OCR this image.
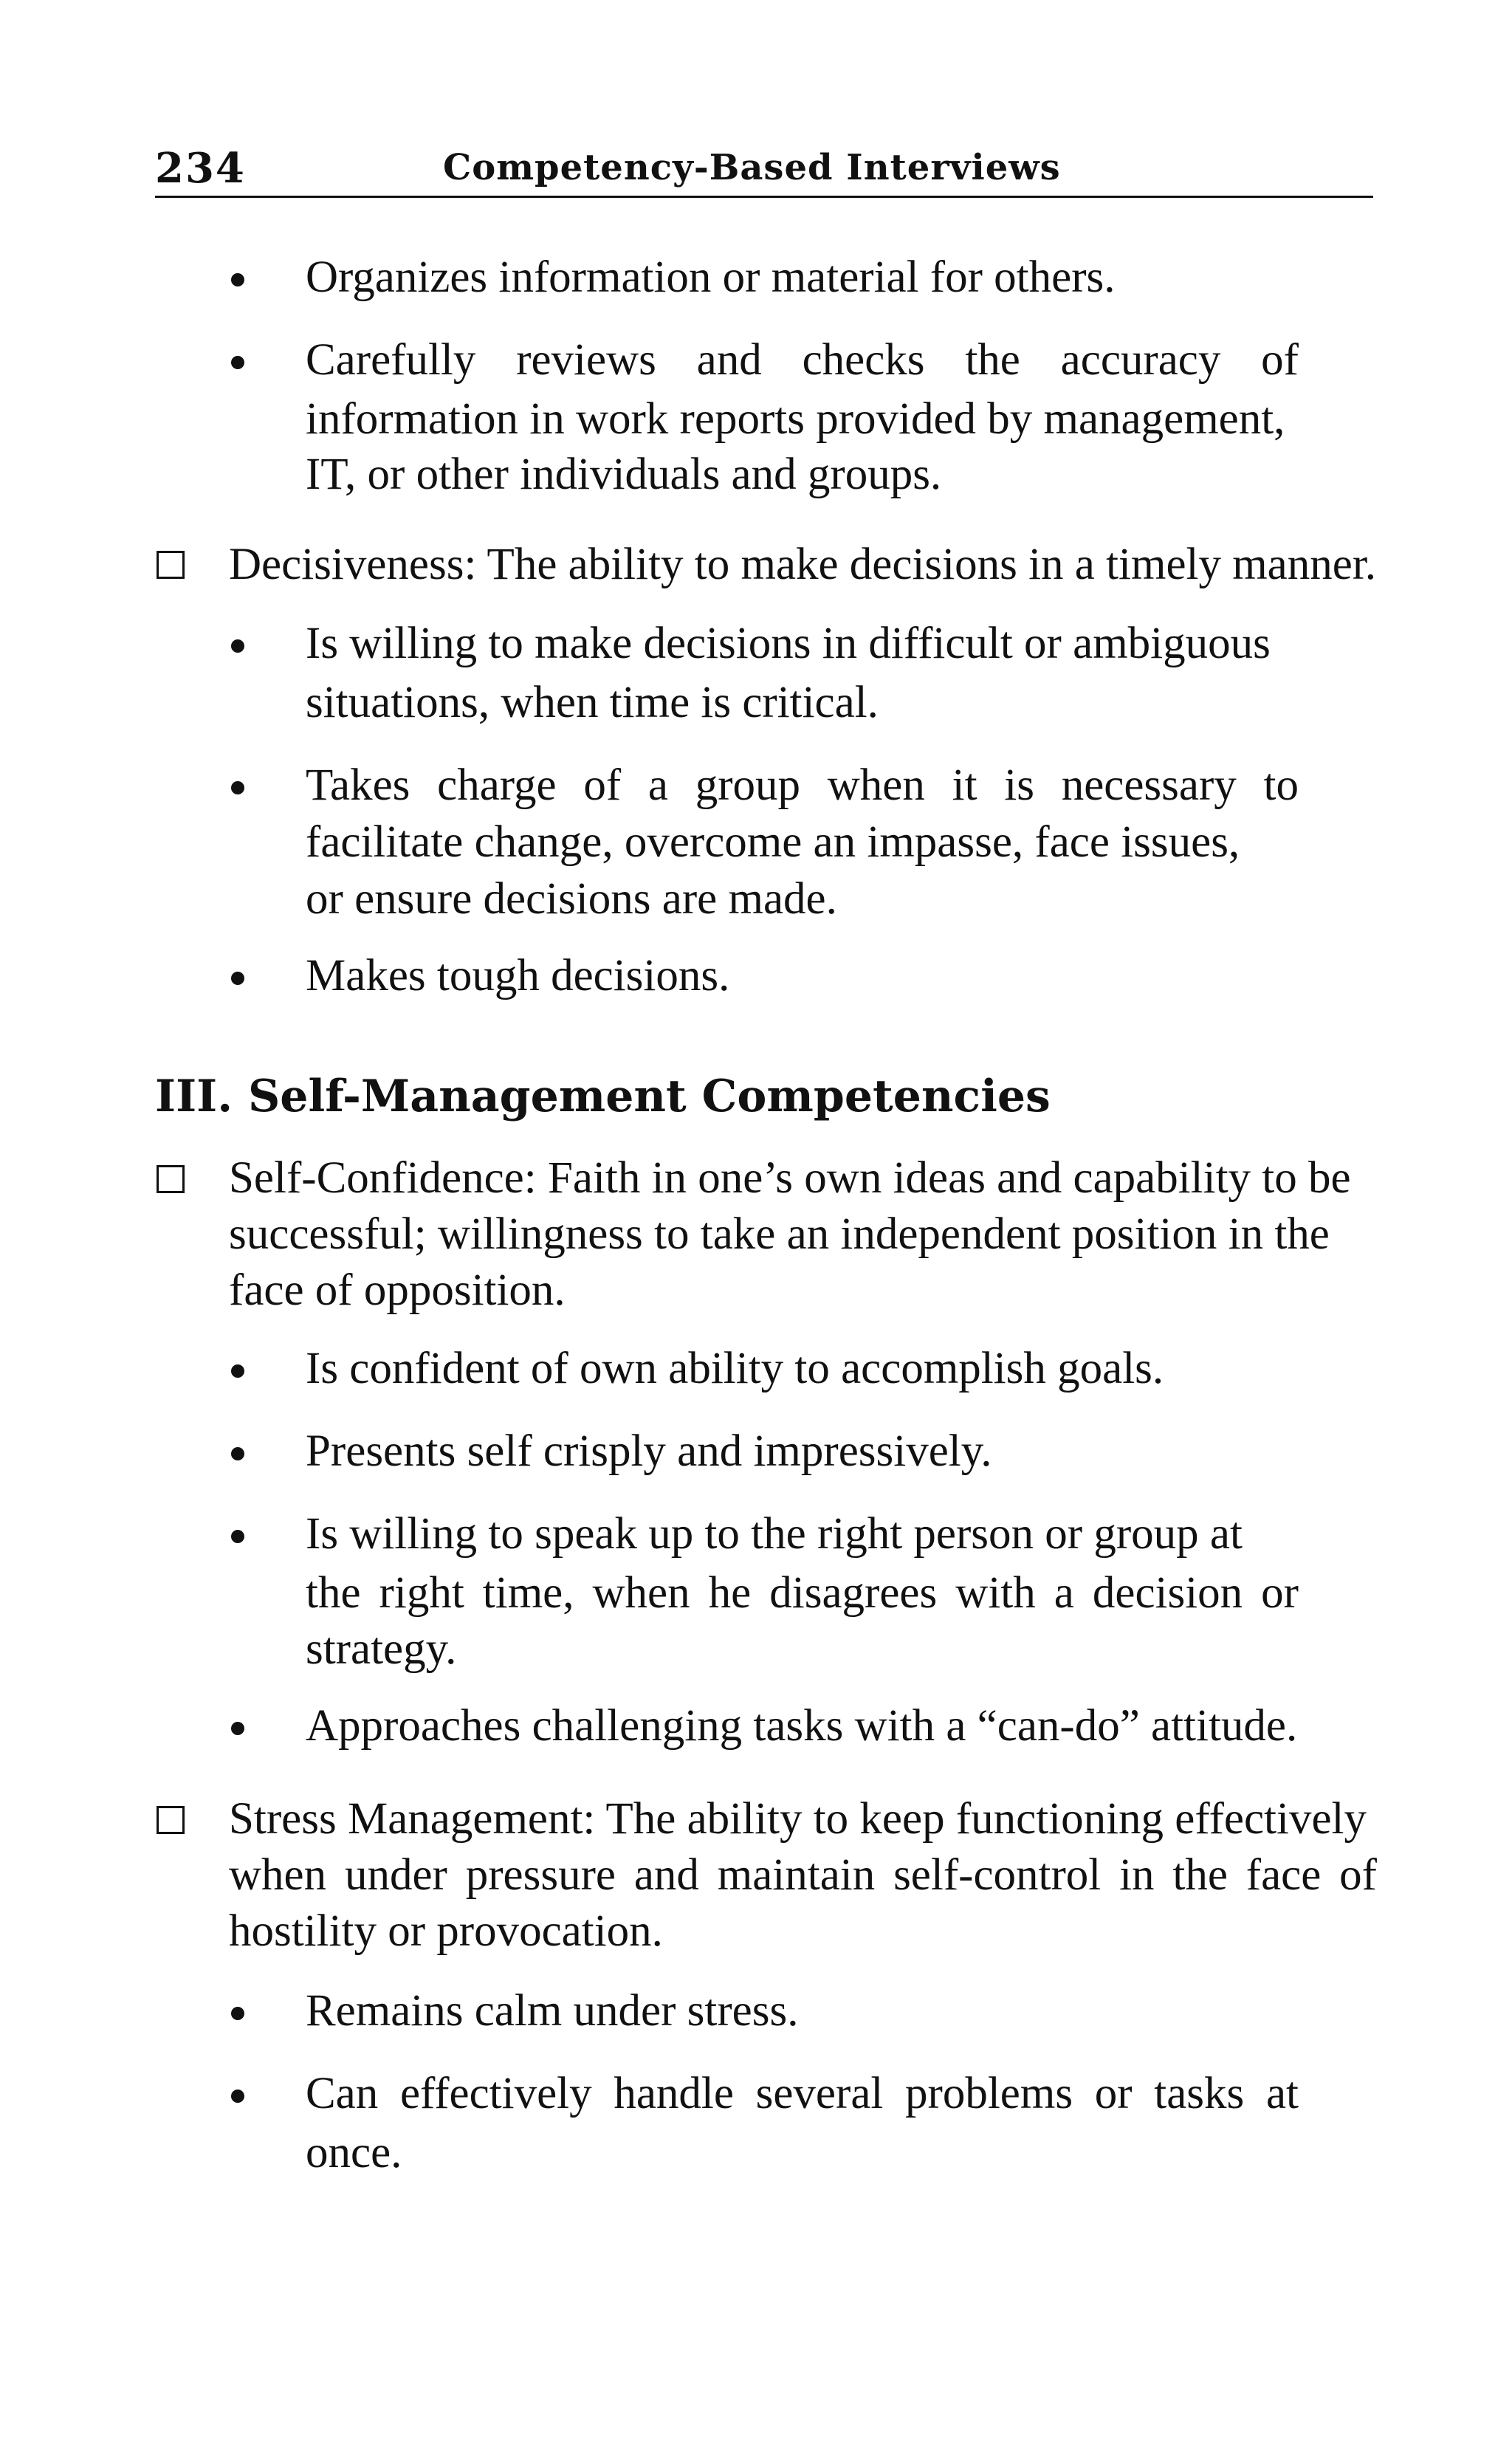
234	Competency-Based Interviews
Organizes information or material for others.
Carefully reviews and checks the accuracy of
information in work reports provided by management,
IT, or other individuals and groups.
Decisiveness: The ability to make decisions in a timely manner.
Is willing to make decisions in difficult or ambiguous
situations, when time is critical.
Takes charge of a group when it is necessary to
facilitate change, overcome an impasse, face issues,
or ensure decisions are made.
Makes tough decisions.
III. Self-Management Competencies
Self-Confidence: Faith in one’s own ideas and capability to be
successful; willingness to take an independent position in the
face of opposition.
Is confident of own ability to accomplish goals.
Presents self crisply and impressively.
Is willing to speak up to the right person or group at
the right time, when he disagrees with a decision or
strategy.
Approaches challenging tasks with a “can-do” attitude.
Stress Management: The ability to keep functioning effectively
when under pressure and maintain self-control in the face of
hostility or provocation.
Remains calm under stress.
Can effectively handle several problems or tasks at
once.
